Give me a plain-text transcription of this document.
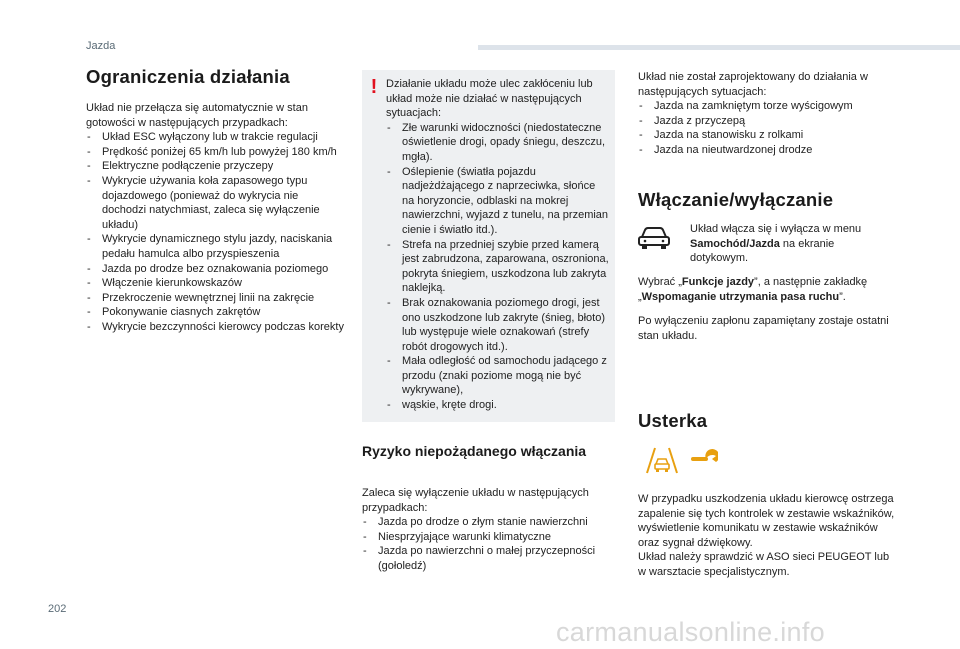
Jazda
202
carmanualsonline.info
Ograniczenia działania
Układ nie przełącza się automatycznie w stan gotowości w następujących przypadkach:
- Układ ESC wyłączony lub w trakcie regulacji
- Prędkość poniżej 65 km/h lub powyżej 180 km/h
- Elektryczne podłączenie przyczepy
- Wykrycie używania koła zapasowego typu dojazdowego (ponieważ do wykrycia nie dochodzi natychmiast, zaleca się wyłączenie układu)
- Wykrycie dynamicznego stylu jazdy, naciskania pedału hamulca albo przyspieszenia
- Jazda po drodze bez oznakowania poziomego
- Włączenie kierunkowskazów
- Przekroczenie wewnętrznej linii na zakręcie
- Pokonywanie ciasnych zakrętów
- Wykrycie bezczynności kierowcy podczas korekty
! Działanie układu może ulec zakłóceniu lub układ może nie działać w następujących sytuacjach:
- Złe warunki widoczności (niedostateczne oświetlenie drogi, opady śniegu, deszczu, mgła).
- Oślepienie (światła pojazdu nadjeżdżającego z naprzeciwka, słońce na horyzoncie, odblaski na mokrej nawierzchni, wyjazd z tunelu, na przemian cienie i światło itd.).
- Strefa na przedniej szybie przed kamerą jest zabrudzona, zaparowana, oszroniona, pokryta śniegiem, uszkodzona lub zakryta naklejką.
- Brak oznakowania poziomego drogi, jest ono uszkodzone lub zakryte (śnieg, błoto) lub występuje wiele oznakowań (strefy robót drogowych itd.).
- Mała odległość od samochodu jadącego z przodu (znaki poziome mogą nie być wykrywane),
- wąskie, kręte drogi.
Ryzyko niepożądanego włączania
Zaleca się wyłączenie układu w następujących przypadkach:
- Jazda po drodze o złym stanie nawierzchni
- Niesprzyjające warunki klimatyczne
- Jazda po nawierzchni o małej przyczepności (gołoledź)
Układ nie został zaprojektowany do działania w następujących sytuacjach:
- Jazda na zamkniętym torze wyścigowym
- Jazda z przyczepą
- Jazda na stanowisku z rolkami
- Jazda na nieutwardzonej drodze
Włączanie/wyłączanie
Układ włącza się i wyłącza w menu Samochód/Jazda na ekranie dotykowym.
Wybrać „Funkcje jazdy”, a następnie zakładkę „Wspomaganie utrzymania pasa ruchu”.
Po wyłączeniu zapłonu zapamiętany zostaje ostatni stan układu.
Usterka
W przypadku uszkodzenia układu kierowcę ostrzega zapalenie się tych kontrolek w zestawie wskaźników, wyświetlenie komunikatu w zestawie wskaźników oraz sygnał dźwiękowy.
Układ należy sprawdzić w ASO sieci PEUGEOT lub w warsztacie specjalistycznym.
